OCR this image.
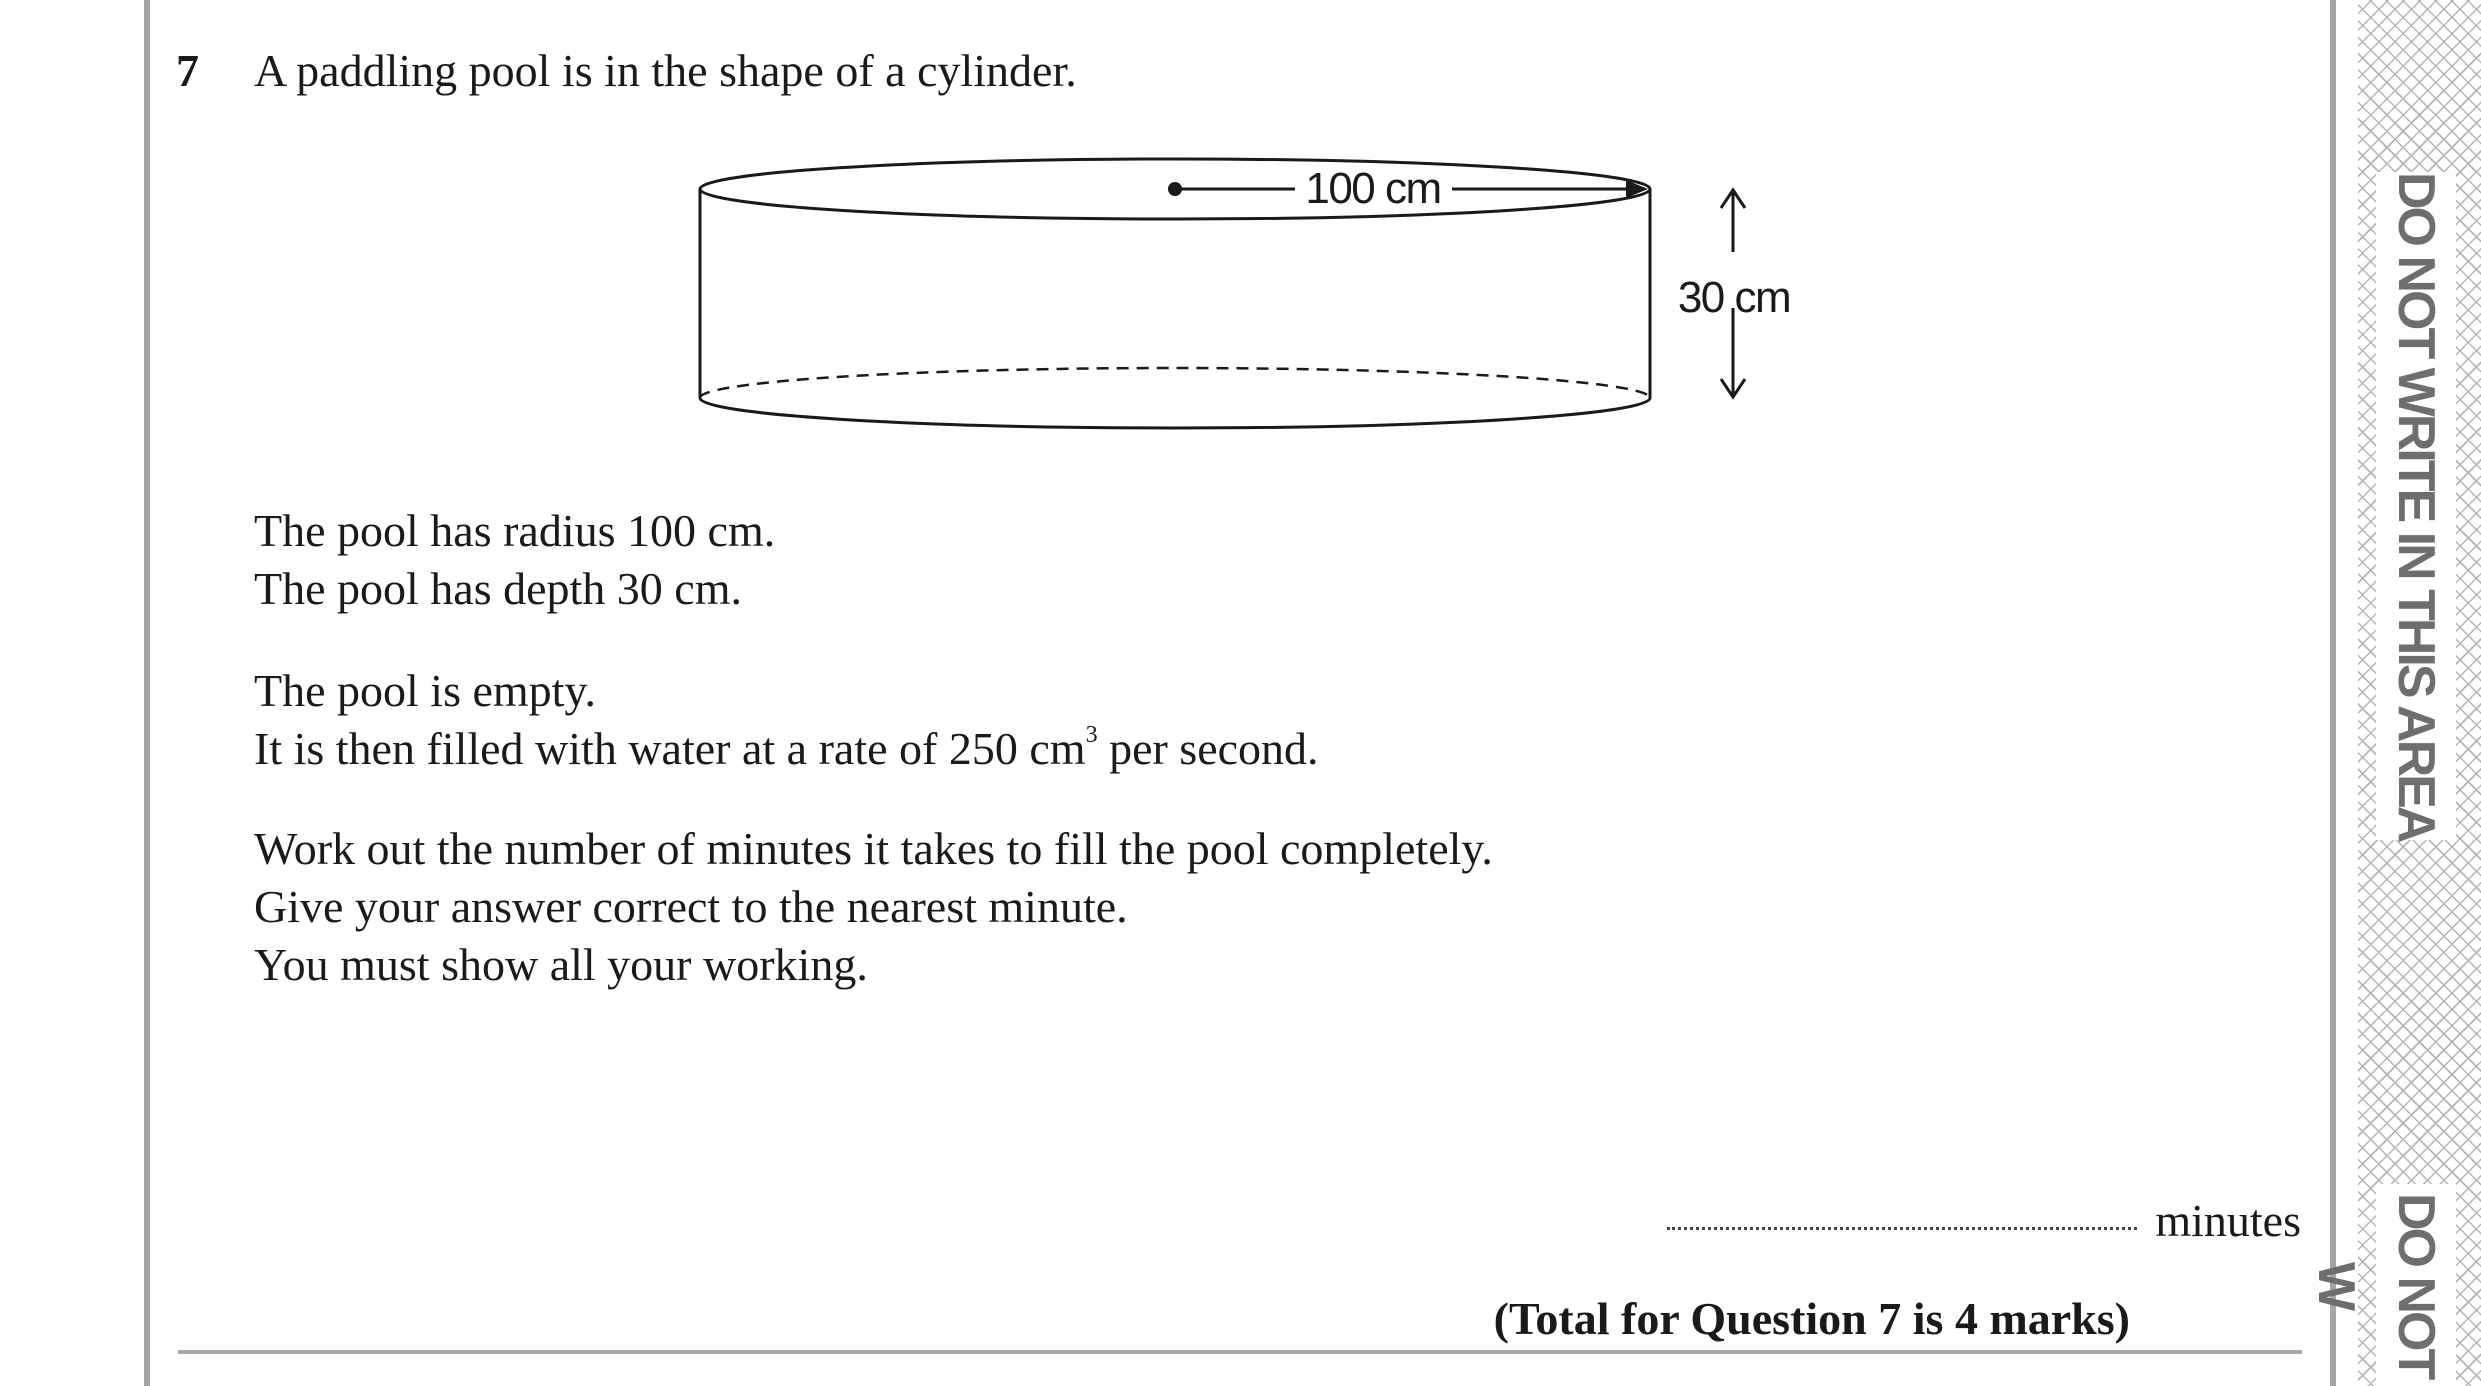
7 A paddling pool is in the shape of a cylinder.
100 cm
30 cm
The pool has radius 100 cm.
The pool has depth 30 cm.
The pool is empty.
It is then filled with water at a rate of 250 $cm^3$ per second.
Work out the number of minutes it takes to fill the pool completely.
Give your answer correct to the nearest minute.
You must show all your working.
minutes
(Total for Question 7 is 4 marks)
DO NOT WRITE IN THIS AREA
DO NOT W
